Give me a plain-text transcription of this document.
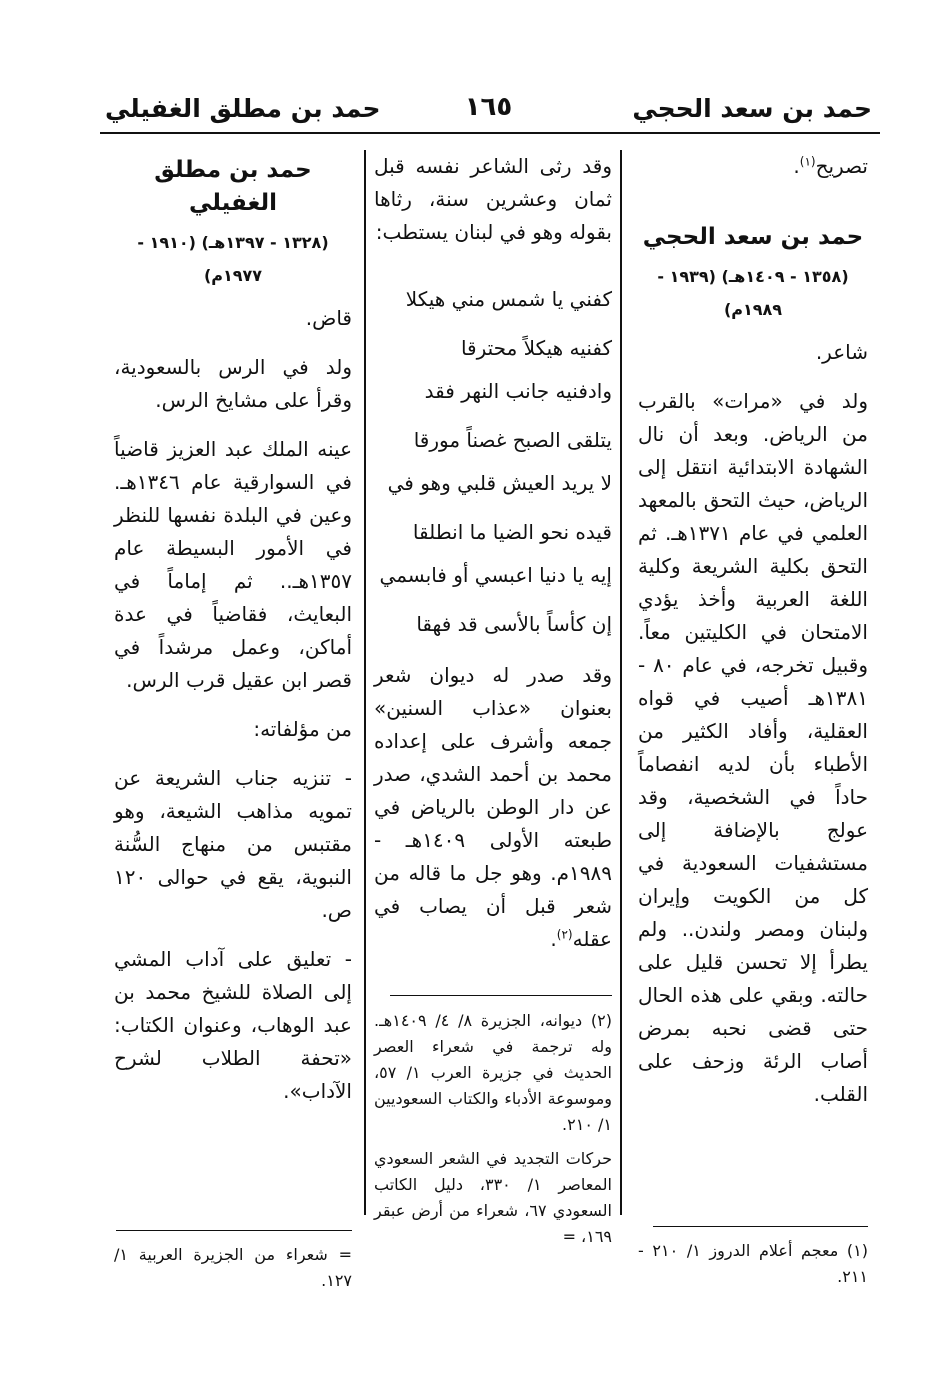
حمد بن سعد الحجي
١٦٥
حمد بن مطلق الغفيلي

تصريح$^{(١)}$.

حمد بن سعد الحجي
(١٣٥٨ - ١٤٠٩هـ) (١٩٣٩ - ١٩٨٩م)

شاعر.

ولد في «مرات» بالقرب من الرياض. وبعد أن نال الشهادة الابتدائية انتقل إلى الرياض، حيث التحق بالمعهد العلمي في عام ١٣٧١هـ. ثم التحق بكلية الشريعة وكلية اللغة العربية وأخذ يؤدي الامتحان في الكليتين معاً. وقبيل تخرجه، في عام ٨٠ - ١٣٨١هـ أصيب في قواه العقلية، وأفاد الكثير من الأطباء بأن لديه انفصاماً حاداً في الشخصية، وقد عولج بالإضافة إلى مستشفيات السعودية في كل من الكويت وإيران ولبنان ومصر ولندن.. ولم يطرأ إلا تحسن قليل على حالته. وبقي على هذه الحال حتى قضى نحبه بمرض أصاب الرئة وزحف على القلب.

(١) معجم أعلام الدروز ١/ ٢١٠ - ٢١١.

وقد رثى الشاعر نفسه قبل ثمان وعشرين سنة، رثاها بقوله وهو في لبنان يستطب:

كفني يا شمس مني هيكلا

كفنيه هيكلاً محترقا

وادفنيه جانب النهر فقد

يتلقى الصبح غصناً مورقا

لا يريد العيش قلبي وهو في

قيده نحو الضيا ما انطلقا

إيه يا دنيا اعبسي أو فابسمي

إن كأساً بالأسى قد فهقا

وقد صدر له ديوان شعر بعنوان «عذاب السنين» جمعه وأشرف على إعداده محمد بن أحمد الشدي، صدر عن دار الوطن بالرياض في طبعته الأولى ١٤٠٩هـ - ١٩٨٩م. وهو جل ما قاله من شعر قبل أن يصاب في عقله$^{(٢)}$.

(٢) ديوانه، الجزيرة ٨/ ٤/ ١٤٠٩هـ. وله ترجمة في شعراء العصر الحديث في جزيرة العرب ١/ ٥٧، وموسوعة الأدباء والكتاب السعوديين ١/ ٢١٠.

حركات التجديد في الشعر السعودي المعاصر ١/ ٣٣٠، دليل الكاتب السعودي ٦٧، شعراء من أرض عبقر ١٦٩، =

حمد بن مطلق الغفيلي
(١٣٢٨ - ١٣٩٧هـ) (١٩١٠ - ١٩٧٧م)

قاض.

ولد في الرس بالسعودية، وقرأ على مشايخ الرس.

عينه الملك عبد العزيز قاضياً في السوارقية عام ١٣٤٦هـ. وعين في البلدة نفسها للنظر في الأمور البسيطة عام ١٣٥٧هـ.. ثم إماماً في البعايث، فقاضياً في عدة أماكن، وعمل مرشداً في قصر ابن عقيل قرب الرس.

من مؤلفاته:

- تنزيه جناب الشريعة عن تمويه مذاهب الشيعة، وهو مقتبس من منهاج السُّنة النبوية، يقع في حوالى ١٢٠ ص.

- تعليق على آداب المشي إلى الصلاة للشيخ محمد بن عبد الوهاب، وعنوان الكتاب: «تحفة الطلاب لشرح الآداب».

= شعراء من الجزيرة العربية ١/ ١٢٧.
